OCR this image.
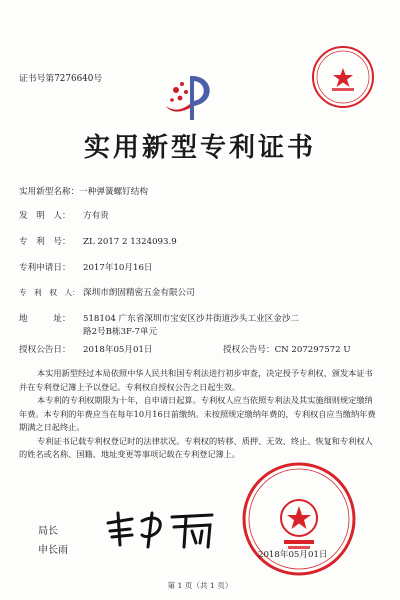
证书号第7276640号
实用新型专利证书
实用新型名称：一种弹簧螺钉结构
发　明　人： 方有贵
专　利　号： ZL 2017 2 1324093.9
专利申请日： 2017年10月16日
专　利　权　人： 深圳市朗固精密五金有限公司
地　　　址： 518104 广东省深圳市宝安区沙井街道沙头工业区金沙二
路2号B栋3F-7单元
授权公告日： 2018年05月01日	授权公告号：CN 207297572 U

本实用新型经过本局依照中华人民共和国专利法进行初步审查，决定授予专利权，颁发本证书并在专利登记簿上予以登记。专利权自授权公告之日起生效。

本专利的专利权期限为十年，自申请日起算。专利权人应当依照专利法及其实施细则规定缴纳年费。本专利的年费应当在每年10月16日前缴纳。未按照规定缴纳年费的，专利权自应当缴纳年费期满之日起终止。

专利证书记载专利权登记时的法律状况。专利权的转移、质押、无效、终止、恢复和专利权人的姓名或名称、国籍、地址变更等事项记载在专利登记簿上。

局长
申长雨	2018年05月01日
第 1 页（共 1 页）
